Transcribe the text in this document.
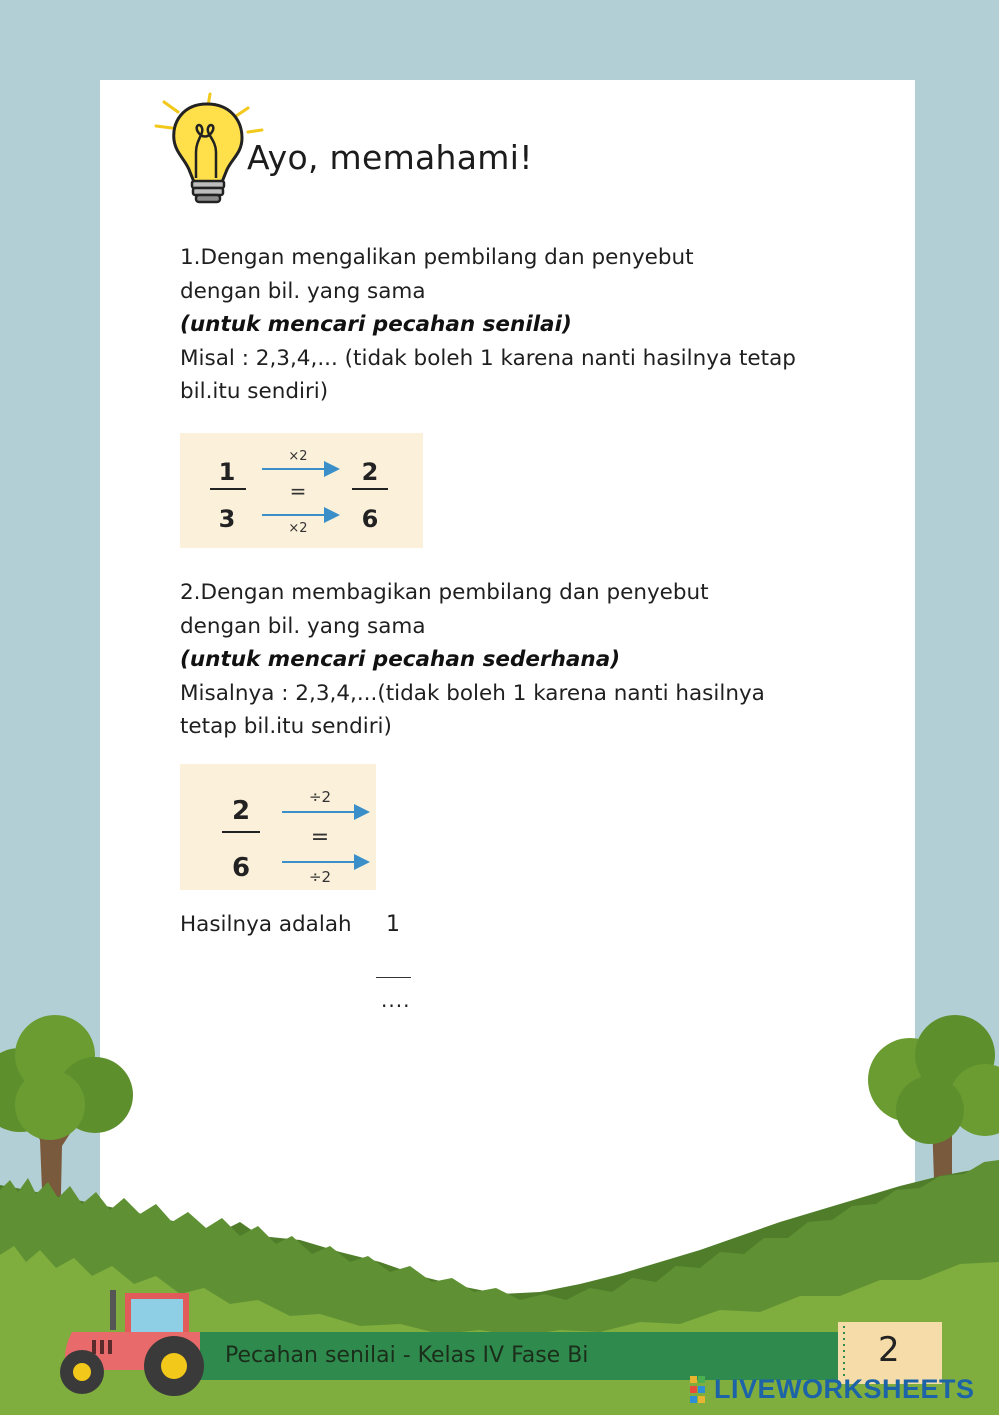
Ayo, memahami!
1.Dengan mengalikan pembilang dan penyebut
dengan bil. yang sama
(untuk mencari pecahan senilai)
Misal : 2,3,4,... (tidak boleh 1 karena nanti hasilnya tetap
bil.itu sendiri)
1
3
×2
=
×2
2
6
2.Dengan membagikan pembilang dan penyebut
dengan bil. yang sama
(untuk mencari pecahan sederhana)
Misalnya : 2,3,4,...(tidak boleh 1 karena nanti hasilnya
tetap bil.itu sendiri)
2
6
÷2
=
÷2
Hasilnya adalah 1
....
Pecahan senilai - Kelas IV Fase Bi	2
LIVEWORKSHEETS
